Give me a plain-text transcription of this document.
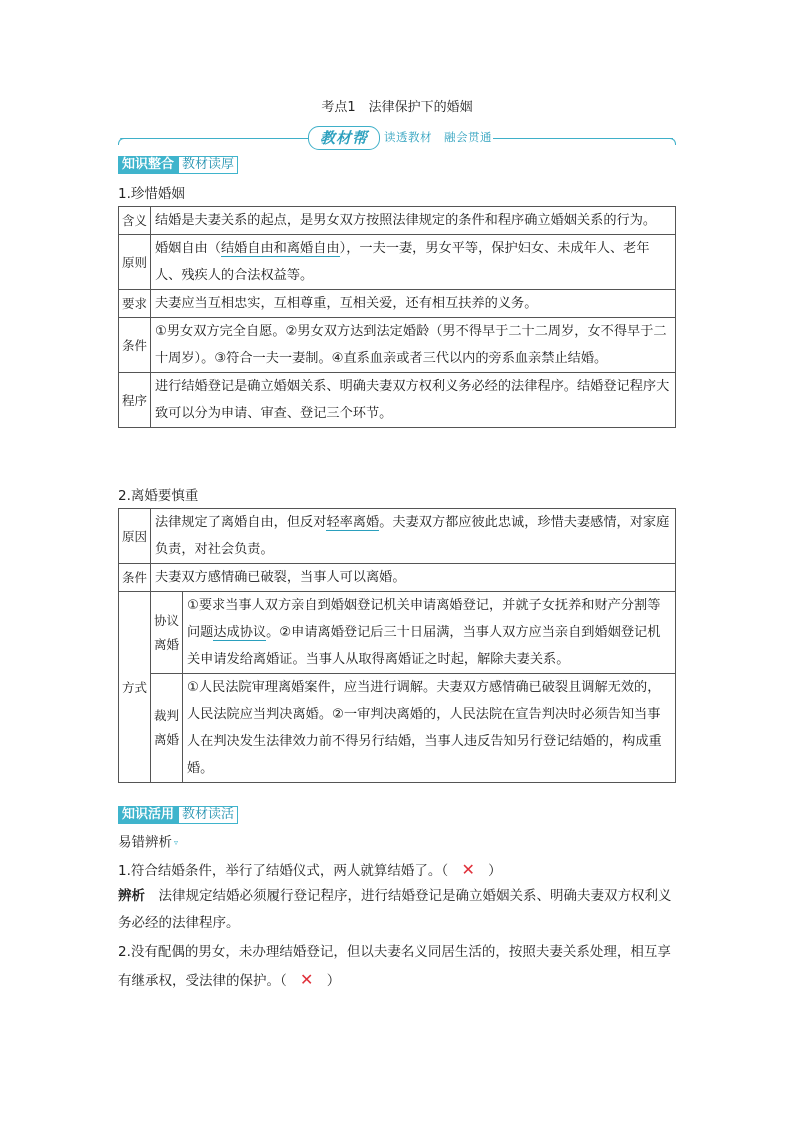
考点1　法律保护下的婚姻
教材帮	读透教材　融会贯通
知识整合 教材读厚
1.珍惜婚姻
含义	结婚是夫妻关系的起点，是男女双方按照法律规定的条件和程序确立婚姻关系的行为。
原则	婚姻自由（结婚自由和离婚自由），一夫一妻，男女平等，保护妇女、未成年人、老年人、残疾人的合法权益等。
要求	夫妻应当互相忠实，互相尊重，互相关爱，还有相互扶养的义务。
条件	①男女双方完全自愿。②男女双方达到法定婚龄（男不得早于二十二周岁，女不得早于二十周岁）。③符合一夫一妻制。④直系血亲或者三代以内的旁系血亲禁止结婚。
程序	进行结婚登记是确立婚姻关系、明确夫妻双方权利义务必经的法律程序。结婚登记程序大致可以分为申请、审查、登记三个环节。
2.离婚要慎重
原因	法律规定了离婚自由，但反对轻率离婚。夫妻双方都应彼此忠诚，珍惜夫妻感情，对家庭负责，对社会负责。	
条件	夫妻双方感情确已破裂，当事人可以离婚。	
方式	协议离婚	①要求当事人双方亲自到婚姻登记机关申请离婚登记，并就子女抚养和财产分割等问题达成协议。②申请离婚登记后三十日届满，当事人双方应当亲自到婚姻登记机关申请发给离婚证。当事人从取得离婚证之时起，解除夫妻关系。
	裁判离婚	①人民法院审理离婚案件，应当进行调解。夫妻双方感情确已破裂且调解无效的，人民法院应当判决离婚。②一审判决离婚的，人民法院在宣告判决时必须告知当事人在判决发生法律效力前不得另行结婚，当事人违反告知另行登记结婚的，构成重婚。
知识活用 教材读活
易错辨析 ▿
1.符合结婚条件，举行了结婚仪式，两人就算结婚了。（ ✕ ）
辨析　法律规定结婚必须履行登记程序，进行结婚登记是确立婚姻关系、明确夫妻双方权利义务必经的法律程序。
2.没有配偶的男女，未办理结婚登记，但以夫妻名义同居生活的，按照夫妻关系处理，相互享有继承权，受法律的保护。（ ✕ ）
